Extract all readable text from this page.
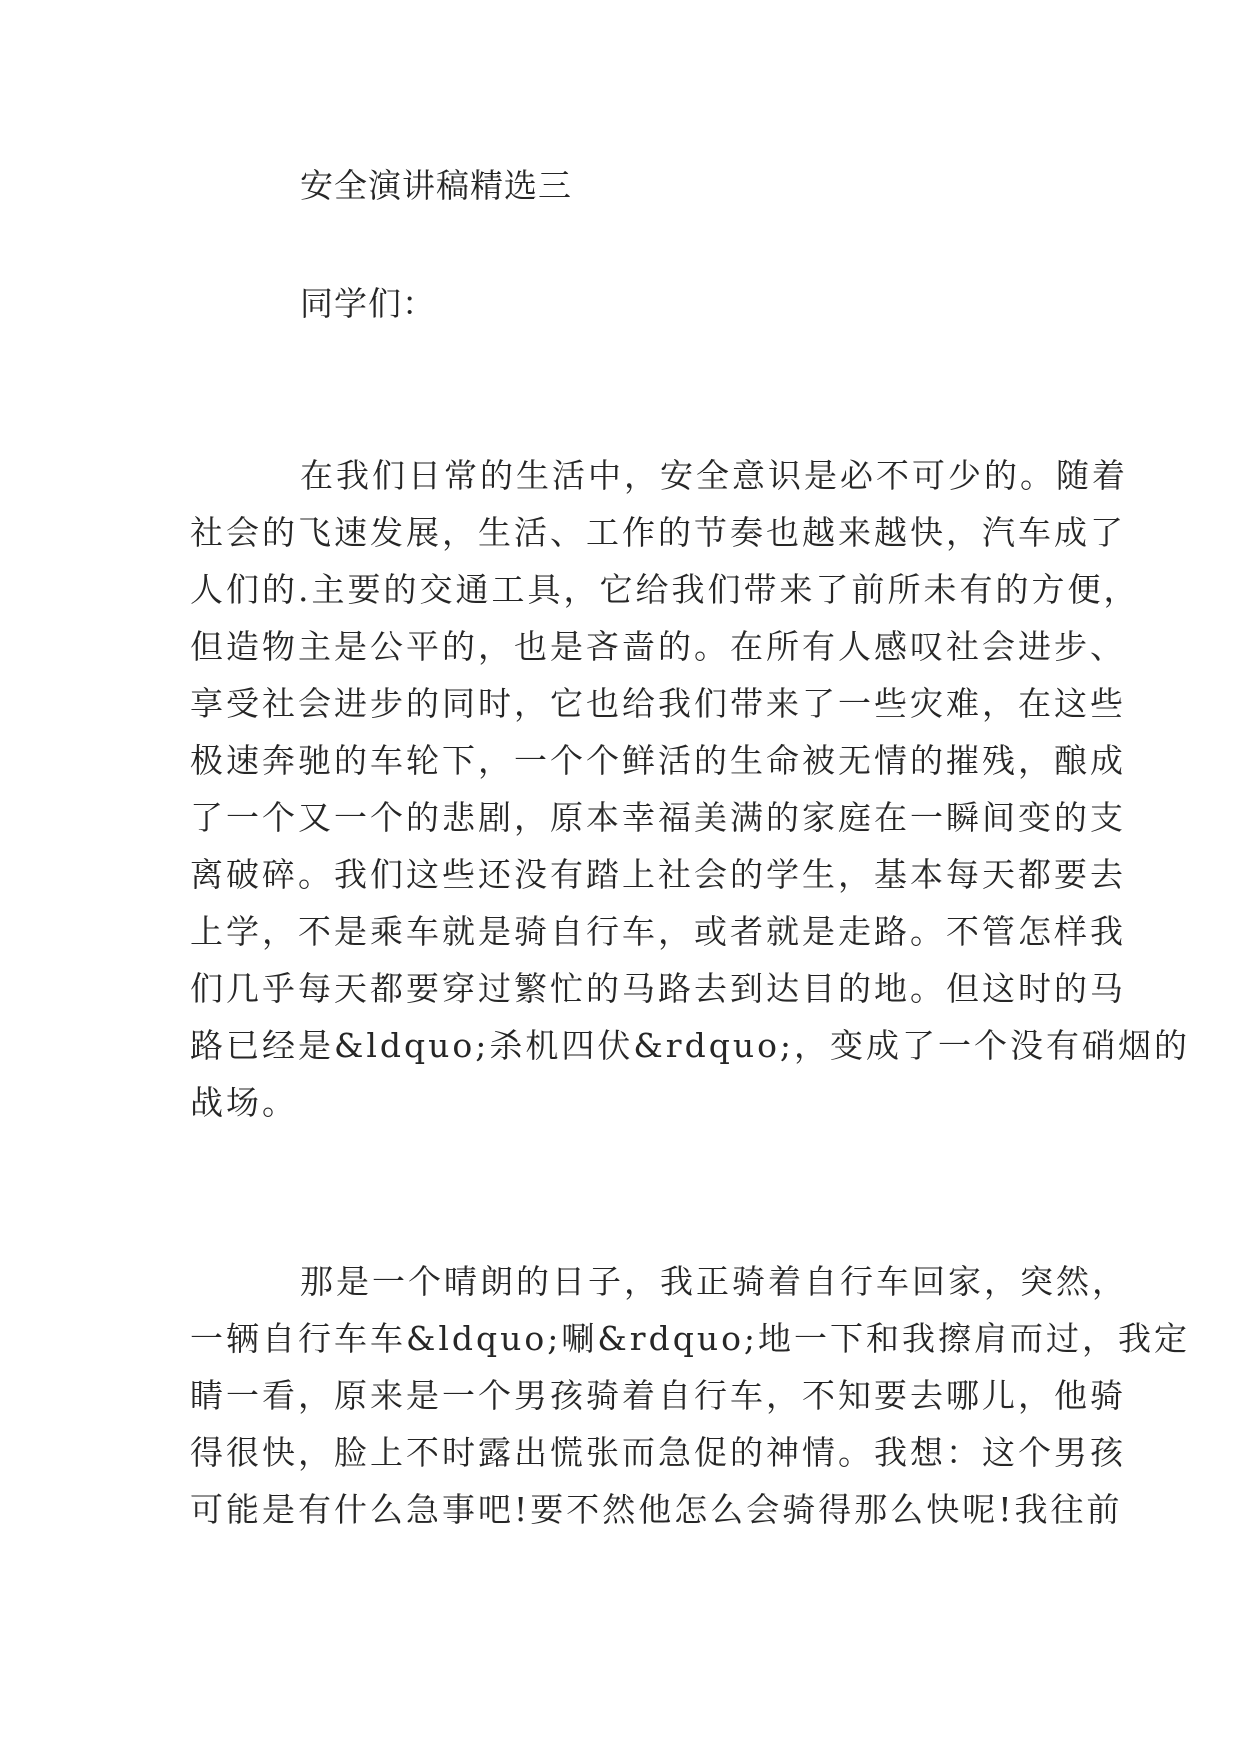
安全演讲稿精选三

同学们：

在我们日常的生活中，安全意识是必不可少的。随着

社会的飞速发展，生活、工作的节奏也越来越快，汽车成了

人们的.主要的交通工具，它给我们带来了前所未有的方便，

但造物主是公平的，也是吝啬的。在所有人感叹社会进步、

享受社会进步的同时，它也给我们带来了一些灾难，在这些

极速奔驰的车轮下，一个个鲜活的生命被无情的摧残，酿成

了一个又一个的悲剧，原本幸福美满的家庭在一瞬间变的支

离破碎。我们这些还没有踏上社会的学生，基本每天都要去

上学，不是乘车就是骑自行车，或者就是走路。不管怎样我

们几乎每天都要穿过繁忙的马路去到达目的地。但这时的马

路已经是&ldquo;杀机四伏&rdquo;，变成了一个没有硝烟的

战场。

那是一个晴朗的日子，我正骑着自行车回家，突然，

一辆自行车车&ldquo;唰&rdquo;地一下和我擦肩而过，我定

睛一看，原来是一个男孩骑着自行车，不知要去哪儿，他骑

得很快，脸上不时露出慌张而急促的神情。我想：这个男孩

可能是有什么急事吧!要不然他怎么会骑得那么快呢!我往前
